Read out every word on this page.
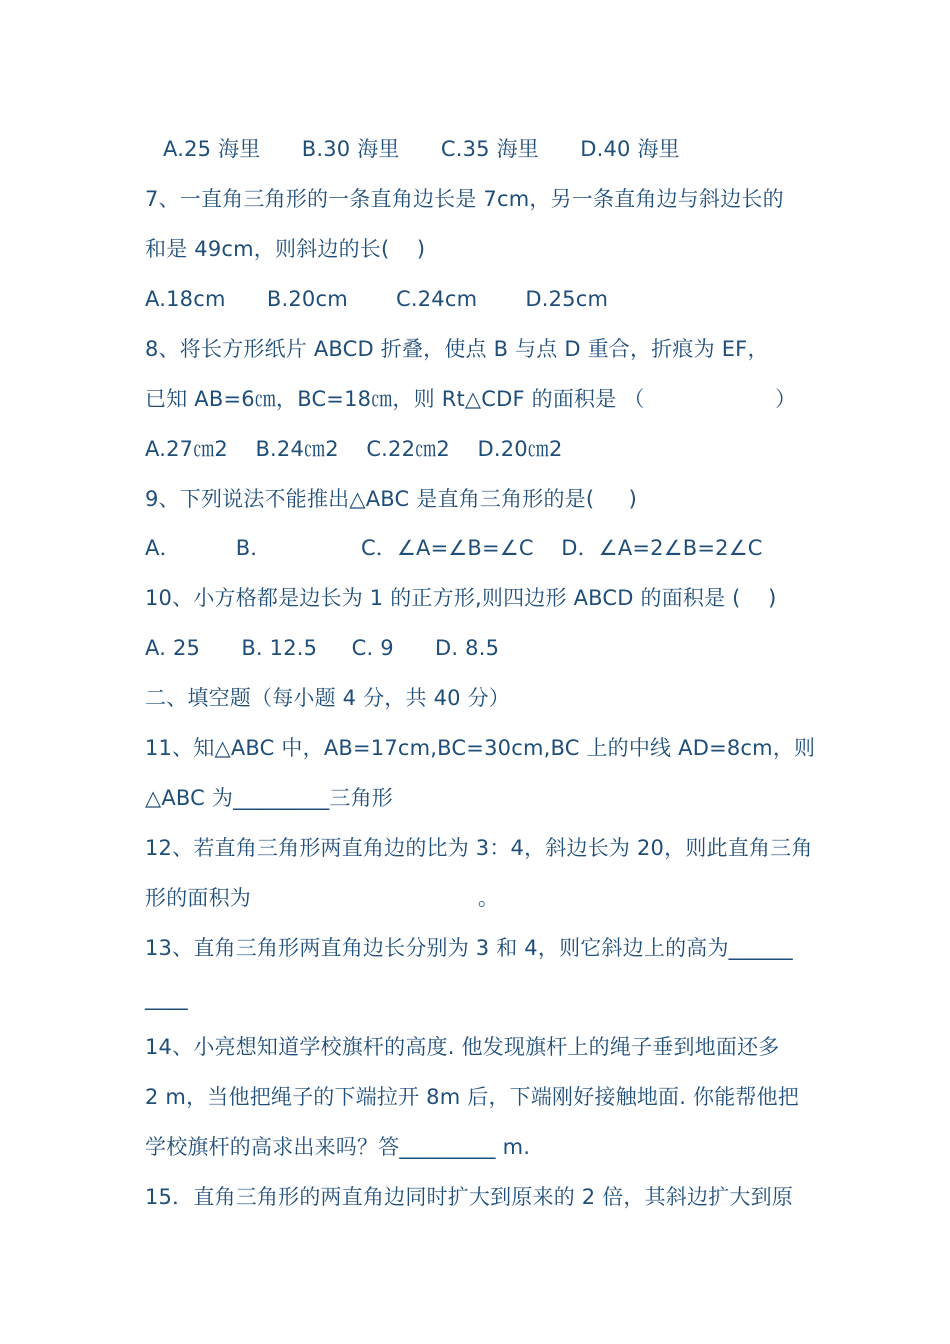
A.25 海里      B.30 海里      C.35 海里      D.40 海里
7、一直角三角形的一条直角边长是 7cm，另一条直角边与斜边长的
和是 49cm，则斜边的长(    )
A.18cm      B.20cm       C.24cm       D.25cm
8、将长方形纸片 ABCD 折叠，使点 B 与点 D 重合，折痕为 EF，
已知 AB=6㎝，BC=18㎝，则 Rt△CDF 的面积是 （                   ）
A.27㎝2    B.24㎝2    C.22㎝2    D.20㎝2
9、下列说法不能推出△ABC 是直角三角形的是(     )
A．        B．             C．∠A=∠B=∠C    D．∠A=2∠B=2∠C
10、小方格都是边长为 1 的正方形,则四边形 ABCD 的面积是 (    )
A. 25      B. 12.5     C. 9      D. 8.5
二、填空题（每小题 4 分，共 40 分）
11、知△ABC 中，AB=17cm,BC=30cm,BC 上的中线 AD=8cm，则
△ABC 为_________三角形
12、若直角三角形两直角边的比为 3：4，斜边长为 20，则此直角三角
形的面积为                                 。
13、直角三角形两直角边长分别为 3 和 4，则它斜边上的高为______
____
14、小亮想知道学校旗杆的高度. 他发现旗杆上的绳子垂到地面还多
2 m，当他把绳子的下端拉开 8m 后，下端刚好接触地面. 你能帮他把
学校旗杆的高求出来吗？答_________ m.
15．直角三角形的两直角边同时扩大到原来的 2 倍，其斜边扩大到原
